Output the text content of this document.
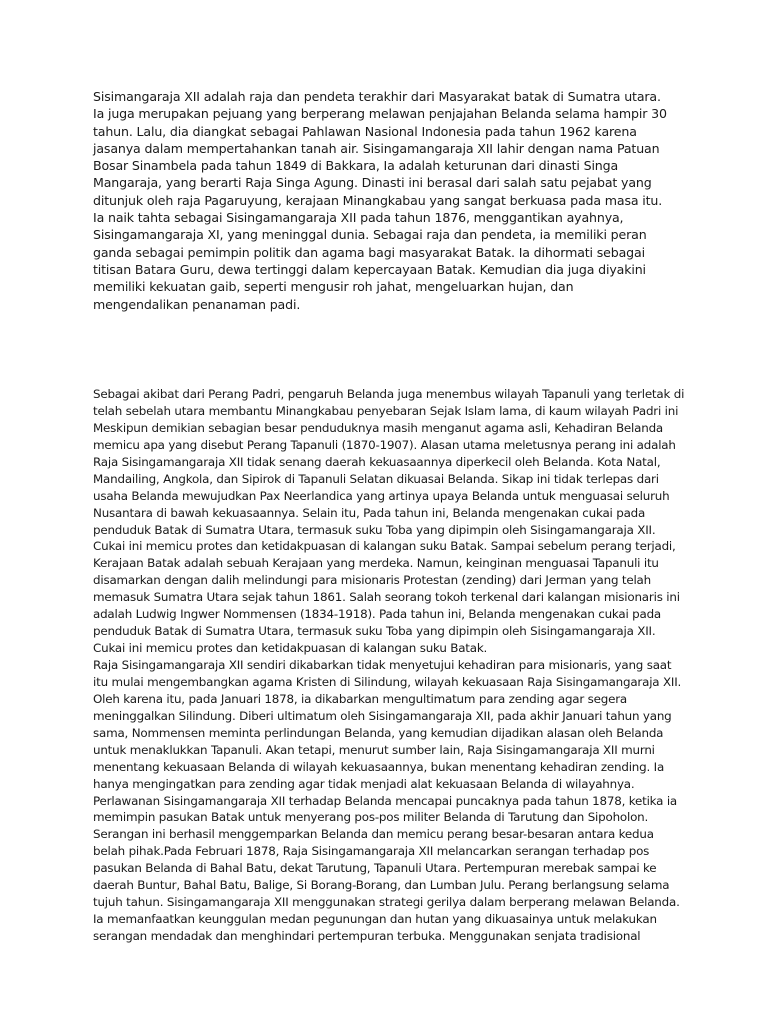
Sisimangaraja XII adalah raja dan pendeta terakhir dari Masyarakat batak di Sumatra utara.
Ia juga merupakan pejuang yang berperang melawan penjajahan Belanda selama hampir 30
tahun. Lalu, dia diangkat sebagai Pahlawan Nasional Indonesia pada tahun 1962 karena
jasanya dalam mempertahankan tanah air. Sisingamangaraja XII lahir dengan nama Patuan
Bosar Sinambela pada tahun 1849 di Bakkara, Ia adalah keturunan dari dinasti Singa
Mangaraja, yang berarti Raja Singa Agung. Dinasti ini berasal dari salah satu pejabat yang
ditunjuk oleh raja Pagaruyung, kerajaan Minangkabau yang sangat berkuasa pada masa itu.
Ia naik tahta sebagai Sisingamangaraja XII pada tahun 1876, menggantikan ayahnya,
Sisingamangaraja XI, yang meninggal dunia. Sebagai raja dan pendeta, ia memiliki peran
ganda sebagai pemimpin politik dan agama bagi masyarakat Batak. Ia dihormati sebagai
titisan Batara Guru, dewa tertinggi dalam kepercayaan Batak. Kemudian dia juga diyakini
memiliki kekuatan gaib, seperti mengusir roh jahat, mengeluarkan hujan, dan
mengendalikan penanaman padi.
Sebagai akibat dari Perang Padri, pengaruh Belanda juga menembus wilayah Tapanuli yang terletak di
telah sebelah utara membantu Minangkabau penyebaran Sejak Islam lama, di kaum wilayah Padri ini
Meskipun demikian sebagian besar penduduknya masih menganut agama asli, Kehadiran Belanda
memicu apa yang disebut Perang Tapanuli (1870-1907). Alasan utama meletusnya perang ini adalah
Raja Sisingamangaraja XII tidak senang daerah kekuasaannya diperkecil oleh Belanda. Kota Natal,
Mandailing, Angkola, dan Sipirok di Tapanuli Selatan dikuasai Belanda. Sikap ini tidak terlepas dari
usaha Belanda mewujudkan Pax Neerlandica yang artinya upaya Belanda untuk menguasai seluruh
Nusantara di bawah kekuasaannya. Selain itu, Pada tahun ini, Belanda mengenakan cukai pada
penduduk Batak di Sumatra Utara, termasuk suku Toba yang dipimpin oleh Sisingamangaraja XII.
Cukai ini memicu protes dan ketidakpuasan di kalangan suku Batak. Sampai sebelum perang terjadi,
Kerajaan Batak adalah sebuah Kerajaan yang merdeka. Namun, keinginan menguasai Tapanuli itu
disamarkan dengan dalih melindungi para misionaris Protestan (zending) dari Jerman yang telah
memasuk Sumatra Utara sejak tahun 1861. Salah seorang tokoh terkenal dari kalangan misionaris ini
adalah Ludwig Ingwer Nommensen (1834-1918). Pada tahun ini, Belanda mengenakan cukai pada
penduduk Batak di Sumatra Utara, termasuk suku Toba yang dipimpin oleh Sisingamangaraja XII.
Cukai ini memicu protes dan ketidakpuasan di kalangan suku Batak.
Raja Sisingamangaraja XII sendiri dikabarkan tidak menyetujui kehadiran para misionaris, yang saat
itu mulai mengembangkan agama Kristen di Silindung, wilayah kekuasaan Raja Sisingamangaraja XII.
Oleh karena itu, pada Januari 1878, ia dikabarkan mengultimatum para zending agar segera
meninggalkan Silindung. Diberi ultimatum oleh Sisingamangaraja XII, pada akhir Januari tahun yang
sama, Nommensen meminta perlindungan Belanda, yang kemudian dijadikan alasan oleh Belanda
untuk menaklukkan Tapanuli. Akan tetapi, menurut sumber lain, Raja Sisingamangaraja XII murni
menentang kekuasaan Belanda di wilayah kekuasaannya, bukan menentang kehadiran zending. Ia
hanya mengingatkan para zending agar tidak menjadi alat kekuasaan Belanda di wilayahnya.
Perlawanan Sisingamangaraja XII terhadap Belanda mencapai puncaknya pada tahun 1878, ketika ia
memimpin pasukan Batak untuk menyerang pos-pos militer Belanda di Tarutung dan Sipoholon.
Serangan ini berhasil menggemparkan Belanda dan memicu perang besar-besaran antara kedua
belah pihak.Pada Februari 1878, Raja Sisingamangaraja XII melancarkan serangan terhadap pos
pasukan Belanda di Bahal Batu, dekat Tarutung, Tapanuli Utara. Pertempuran merebak sampai ke
daerah Buntur, Bahal Batu, Balige, Si Borang-Borang, dan Lumban Julu. Perang berlangsung selama
tujuh tahun. Sisingamangaraja XII menggunakan strategi gerilya dalam berperang melawan Belanda.
Ia memanfaatkan keunggulan medan pegunungan dan hutan yang dikuasainya untuk melakukan
serangan mendadak dan menghindari pertempuran terbuka. Menggunakan senjata tradisional
